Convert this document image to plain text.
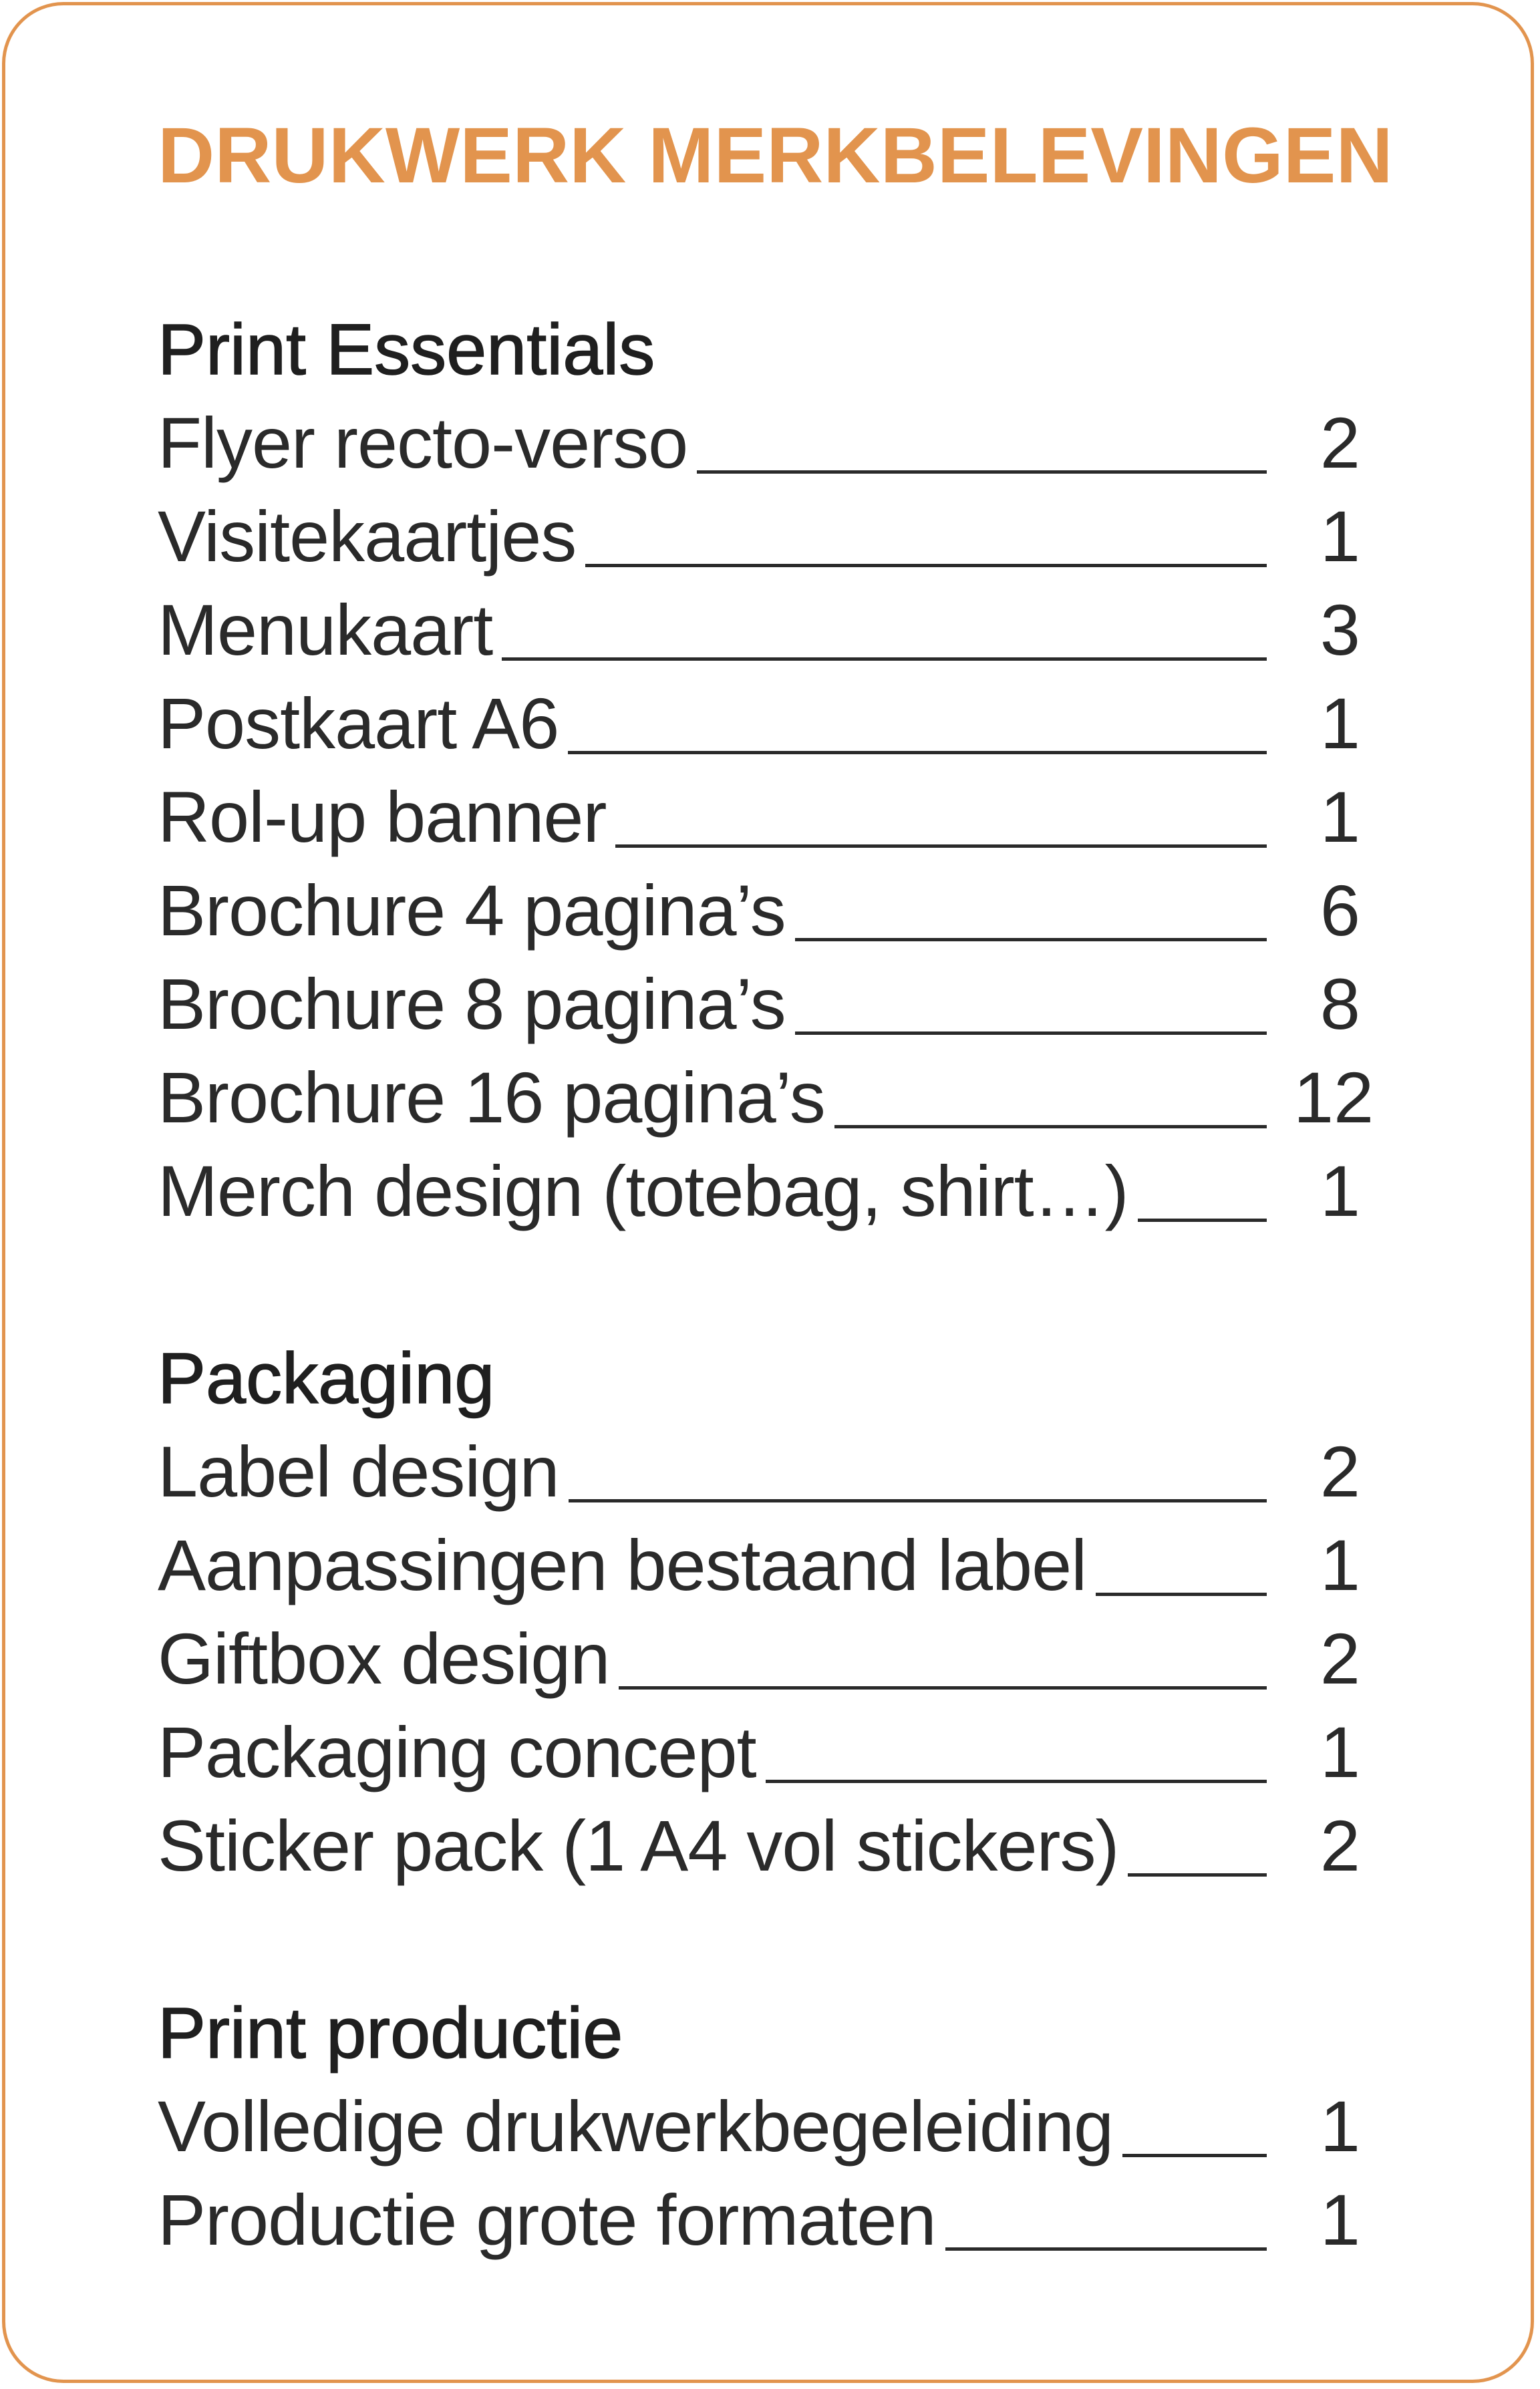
DRUKWERK MERKBELEVINGEN
Print Essentials
Flyer recto-verso	2
Visitekaartjes	1
Menukaart	3
Postkaart A6	1
Rol-up banner	1
Brochure 4 pagina’s	6
Brochure 8 pagina’s	8
Brochure 16 pagina’s	12
Merch design (totebag, shirt…)	1
Packaging
Label design	2
Aanpassingen bestaand label	1
Giftbox design	2
Packaging concept	1
Sticker pack (1 A4 vol stickers)	2
Print productie
Volledige drukwerkbegeleiding	1
Productie grote formaten	1
